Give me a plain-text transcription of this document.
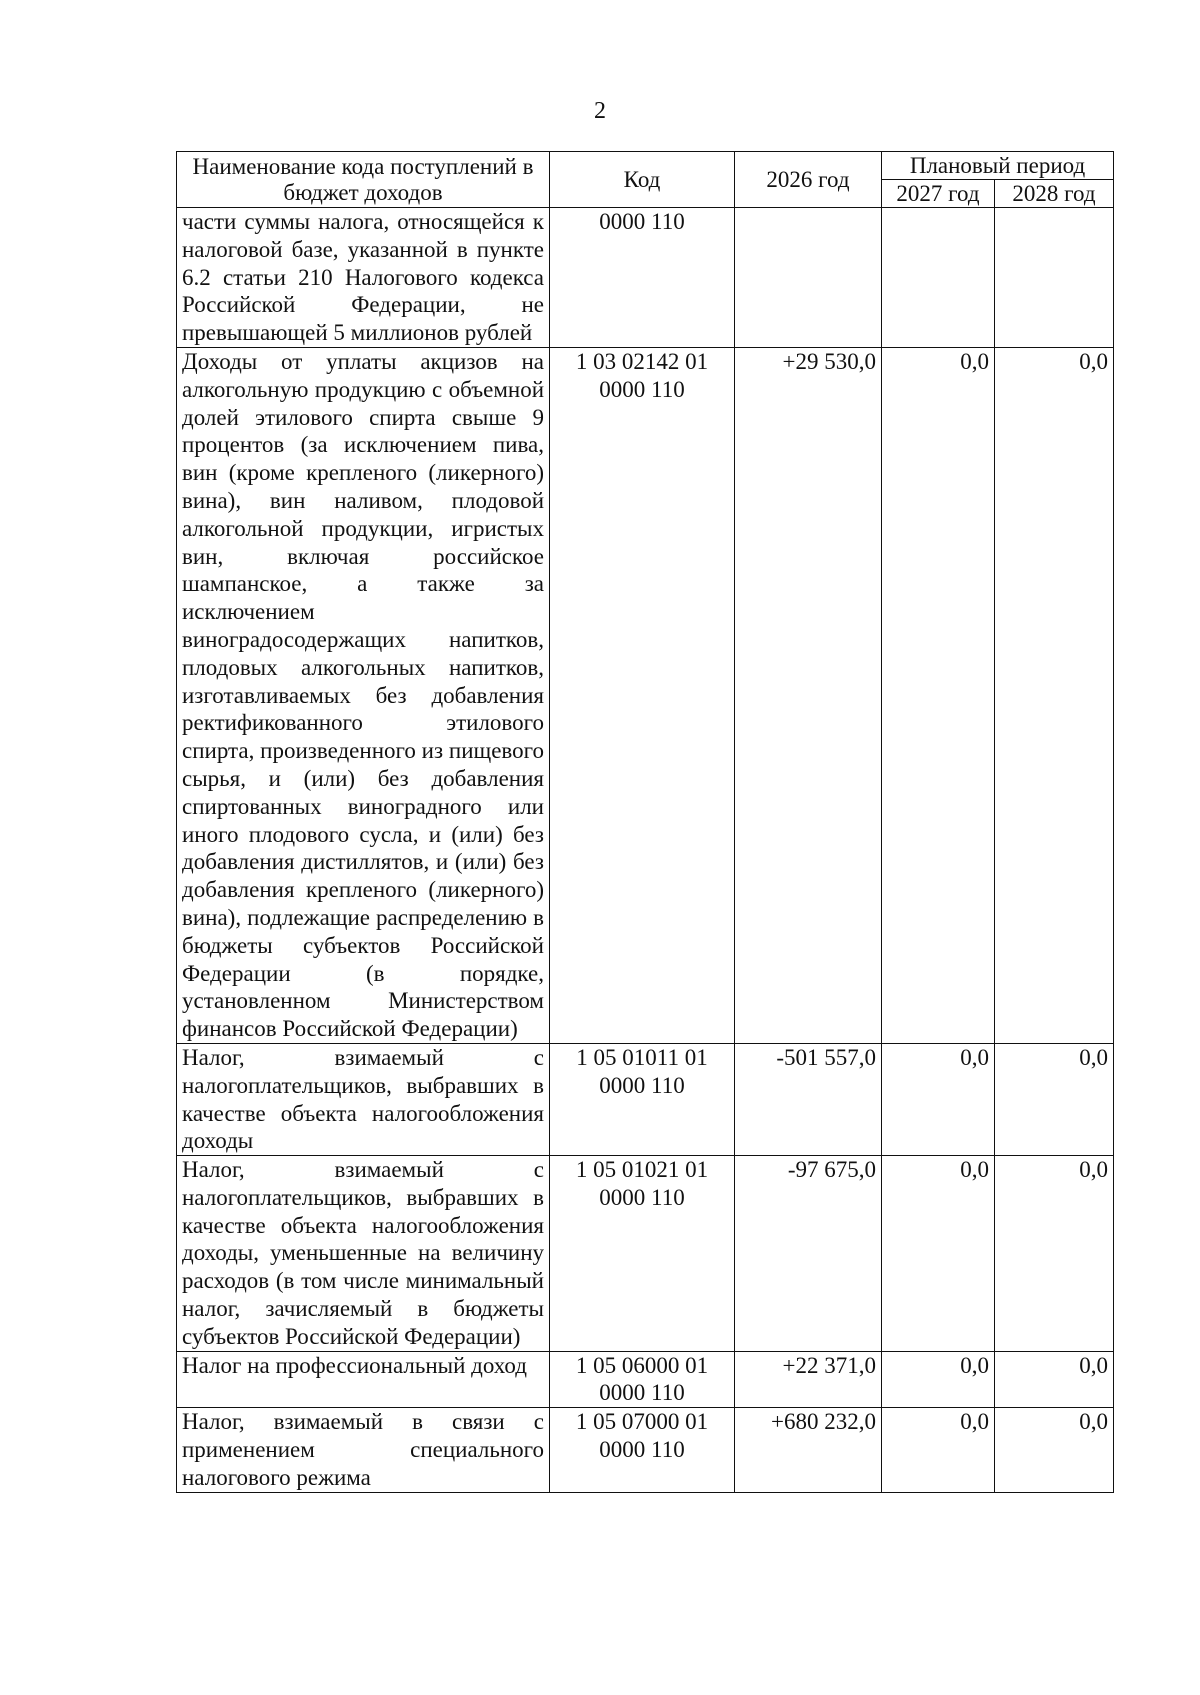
2
Наименование кода поступлений в бюджет доходов	Код	2026 год	Плановый период	
			2027 год	2028 год
части суммы налога, относящейся к налоговой базе, указанной в пункте 6.2 статьи 210 Налогового кодекса Российской Федерации, не превышающей 5 миллионов рублей	0000 110			
Доходы от уплаты акцизов на алкогольную продукцию с объемной долей этилового спирта свыше 9 процентов (за исключением пива, вин (кроме крепленого (ликерного) вина), вин наливом, плодовой алкогольной продукции, игристых вин, включая российское шампанское, а также за исключением виноградосодержащих напитков, плодовых алкогольных напитков, изготавливаемых без добавления ректификованного этилового спирта, произведенного из пищевого сырья, и (или) без добавления спиртованных виноградного или иного плодового сусла, и (или) без добавления дистиллятов, и (или) без добавления крепленого (ликерного) вина), подлежащие распределению в бюджеты субъектов Российской Федерации (в порядке, установленном Министерством финансов Российской Федерации)	1 03 02142 01 0000 110	+29 530,0	0,0	0,0
Налог, взимаемый с налогоплательщиков, выбравших в качестве объекта налогообложения доходы	1 05 01011 01 0000 110	-501 557,0	0,0	0,0
Налог, взимаемый с налогоплательщиков, выбравших в качестве объекта налогообложения доходы, уменьшенные на величину расходов (в том числе минимальный налог, зачисляемый в бюджеты субъектов Российской Федерации)	1 05 01021 01 0000 110	-97 675,0	0,0	0,0
Налог на профессиональный доход	1 05 06000 01 0000 110	+22 371,0	0,0	0,0
Налог, взимаемый в связи с применением специального налогового режима	1 05 07000 01 0000 110	+680 232,0	0,0	0,0
